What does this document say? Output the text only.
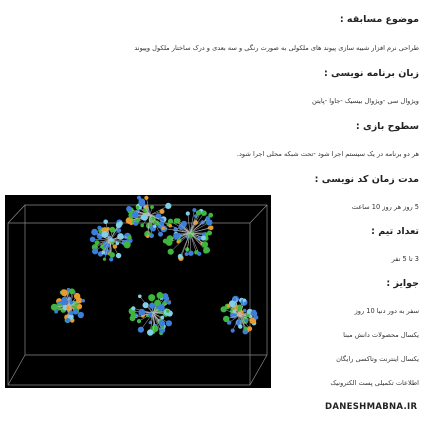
موضوع مسابقه :
طراحی نرم افزار شبیه سازی پیوند های ملکولی به صورت رنگی و سه بعدی و درک ساختار ملکول وپیوند
زبان برنامه نویسی :
ویژوال سی -ویژوال بیسیک -جاوا -پایتن
سطوح بازی :
هر دو برنامه در یک سیستم اجرا شود -تحت شبکه محلی اجرا شود.
مدت زمان کد نویسی :
5 روز هر روز 10 ساعت
تعداد تیم :
3 تا 5 نفر
جوایز :
سفر به دور دنیا 10 روز
یکسال محصولات دانش مبنا
یکسال اینترنت وتاکسی رایگان
اطلاعات تکمیلی پست الکترونیک
DANESHMABNA.IR
